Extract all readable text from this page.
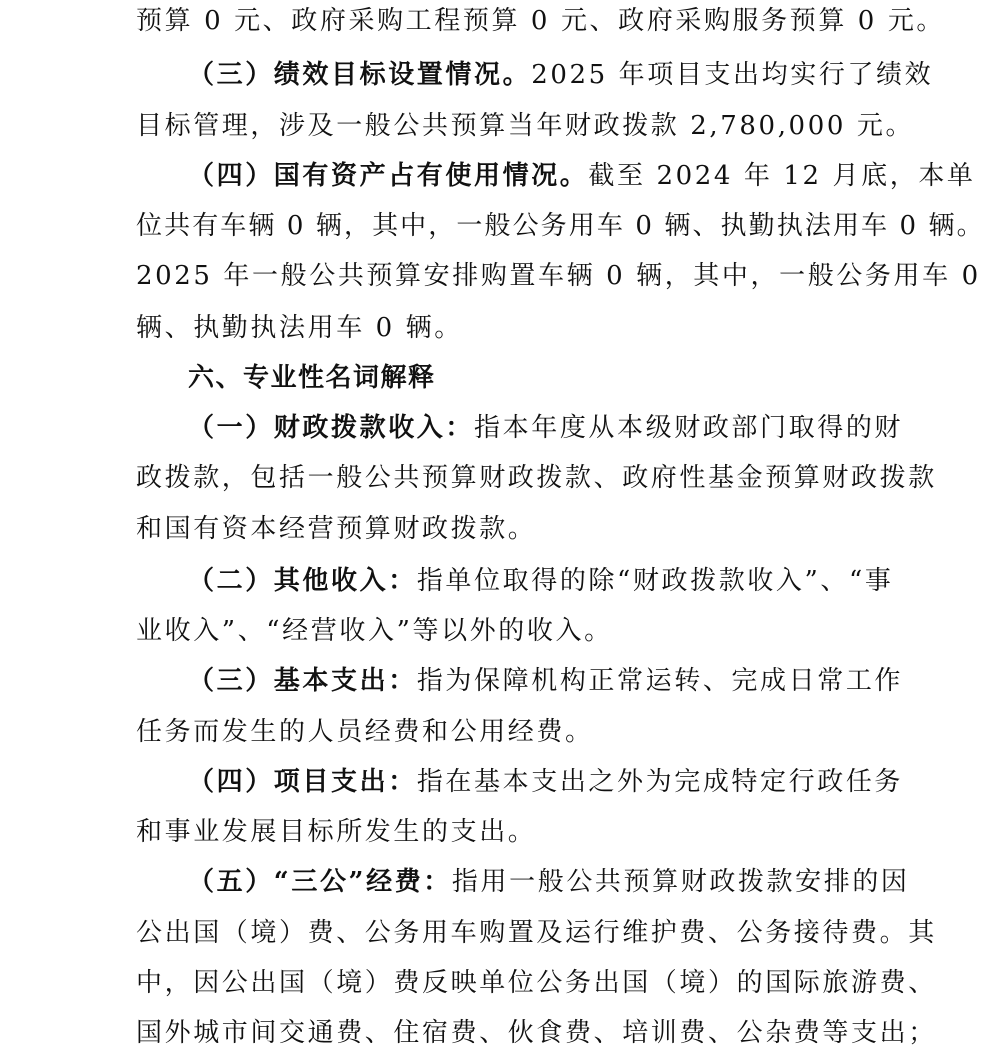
预算 0 元、政府采购工程预算 0 元、政府采购服务预算 0 元。
（三）绩效目标设置情况。2025 年项目支出均实行了绩效
目标管理，涉及一般公共预算当年财政拨款 2,780,000 元。
（四）国有资产占有使用情况。截至 2024 年 12 月底，本单
位共有车辆 0 辆，其中，一般公务用车 0 辆、执勤执法用车 0 辆。
2025 年一般公共预算安排购置车辆 0 辆，其中，一般公务用车 0
辆、执勤执法用车 0 辆。
六、专业性名词解释
（一）财政拨款收入：指本年度从本级财政部门取得的财
政拨款，包括一般公共预算财政拨款、政府性基金预算财政拨款
和国有资本经营预算财政拨款。
（二）其他收入：指单位取得的除“财政拨款收入”、“事
业收入”、“经营收入”等以外的收入。
（三）基本支出：指为保障机构正常运转、完成日常工作
任务而发生的人员经费和公用经费。
（四）项目支出：指在基本支出之外为完成特定行政任务
和事业发展目标所发生的支出。
（五）“三公”经费：指用一般公共预算财政拨款安排的因
公出国（境）费、公务用车购置及运行维护费、公务接待费。其
中，因公出国（境）费反映单位公务出国（境）的国际旅游费、
国外城市间交通费、住宿费、伙食费、培训费、公杂费等支出；
